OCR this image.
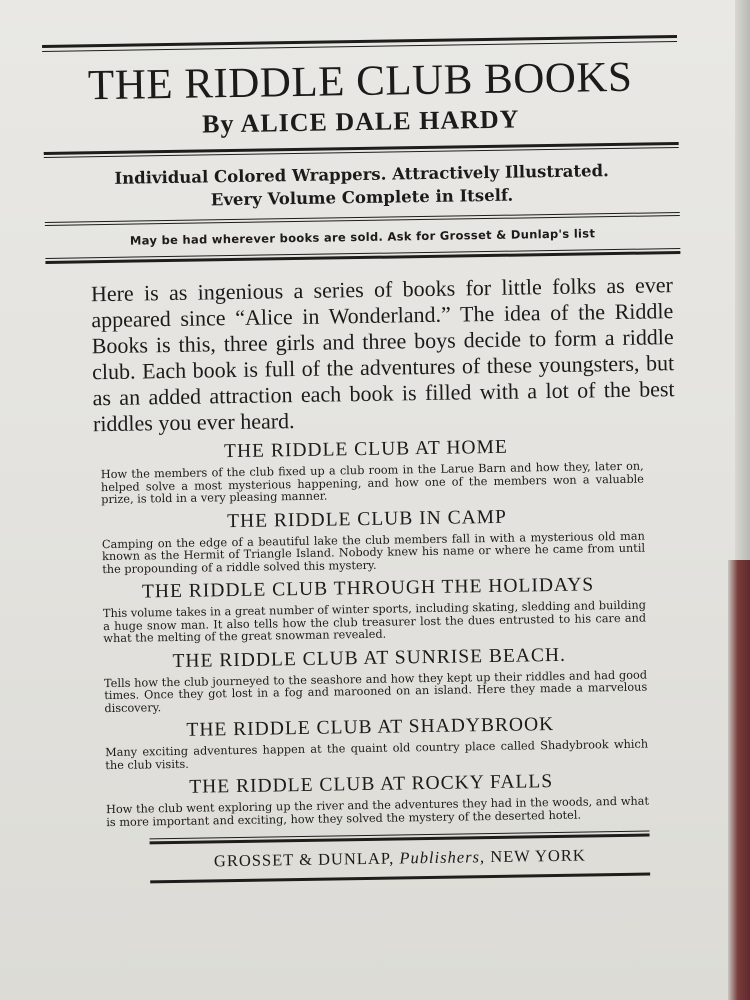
THE RIDDLE CLUB BOOKS
By ALICE DALE HARDY
Individual Colored Wrappers. Attractively Illustrated.
Every Volume Complete in Itself.
May be had wherever books are sold. Ask for Grosset & Dunlap's list
Here is as ingenious a series of books for little folks as ever appeared since “Alice in Wonderland.” The idea of the Riddle Books is this, three girls and three boys decide to form a riddle club. Each book is full of the adventures of these youngsters, but as an added attraction each book is filled with a lot of the best riddles you ever heard.
THE RIDDLE CLUB AT HOME

How the members of the club fixed up a club room in the Larue Barn and how they, later on, helped solve a most mysterious happening, and how one of the members won a valuable prize, is told in a very pleasing manner.

THE RIDDLE CLUB IN CAMP

Camping on the edge of a beautiful lake the club members fall in with a mysterious old man known as the Hermit of Triangle Island. Nobody knew his name or where he came from until the propounding of a riddle solved this mystery.

THE RIDDLE CLUB THROUGH THE HOLIDAYS

This volume takes in a great number of winter sports, including skating, sledding and building a huge snow man. It also tells how the club treasurer lost the dues entrusted to his care and what the melting of the great snowman revealed.

THE RIDDLE CLUB AT SUNRISE BEACH.

Tells how the club journeyed to the seashore and how they kept up their riddles and had good times. Once they got lost in a fog and marooned on an island. Here they made a marvelous discovery.

THE RIDDLE CLUB AT SHADYBROOK

Many exciting adventures happen at the quaint old country place called Shadybrook which the club visits.

THE RIDDLE CLUB AT ROCKY FALLS

How the club went exploring up the river and the adventures they had in the woods, and what is more important and exciting, how they solved the mystery of the deserted hotel.

GROSSET & DUNLAP, Publishers, NEW YORK
